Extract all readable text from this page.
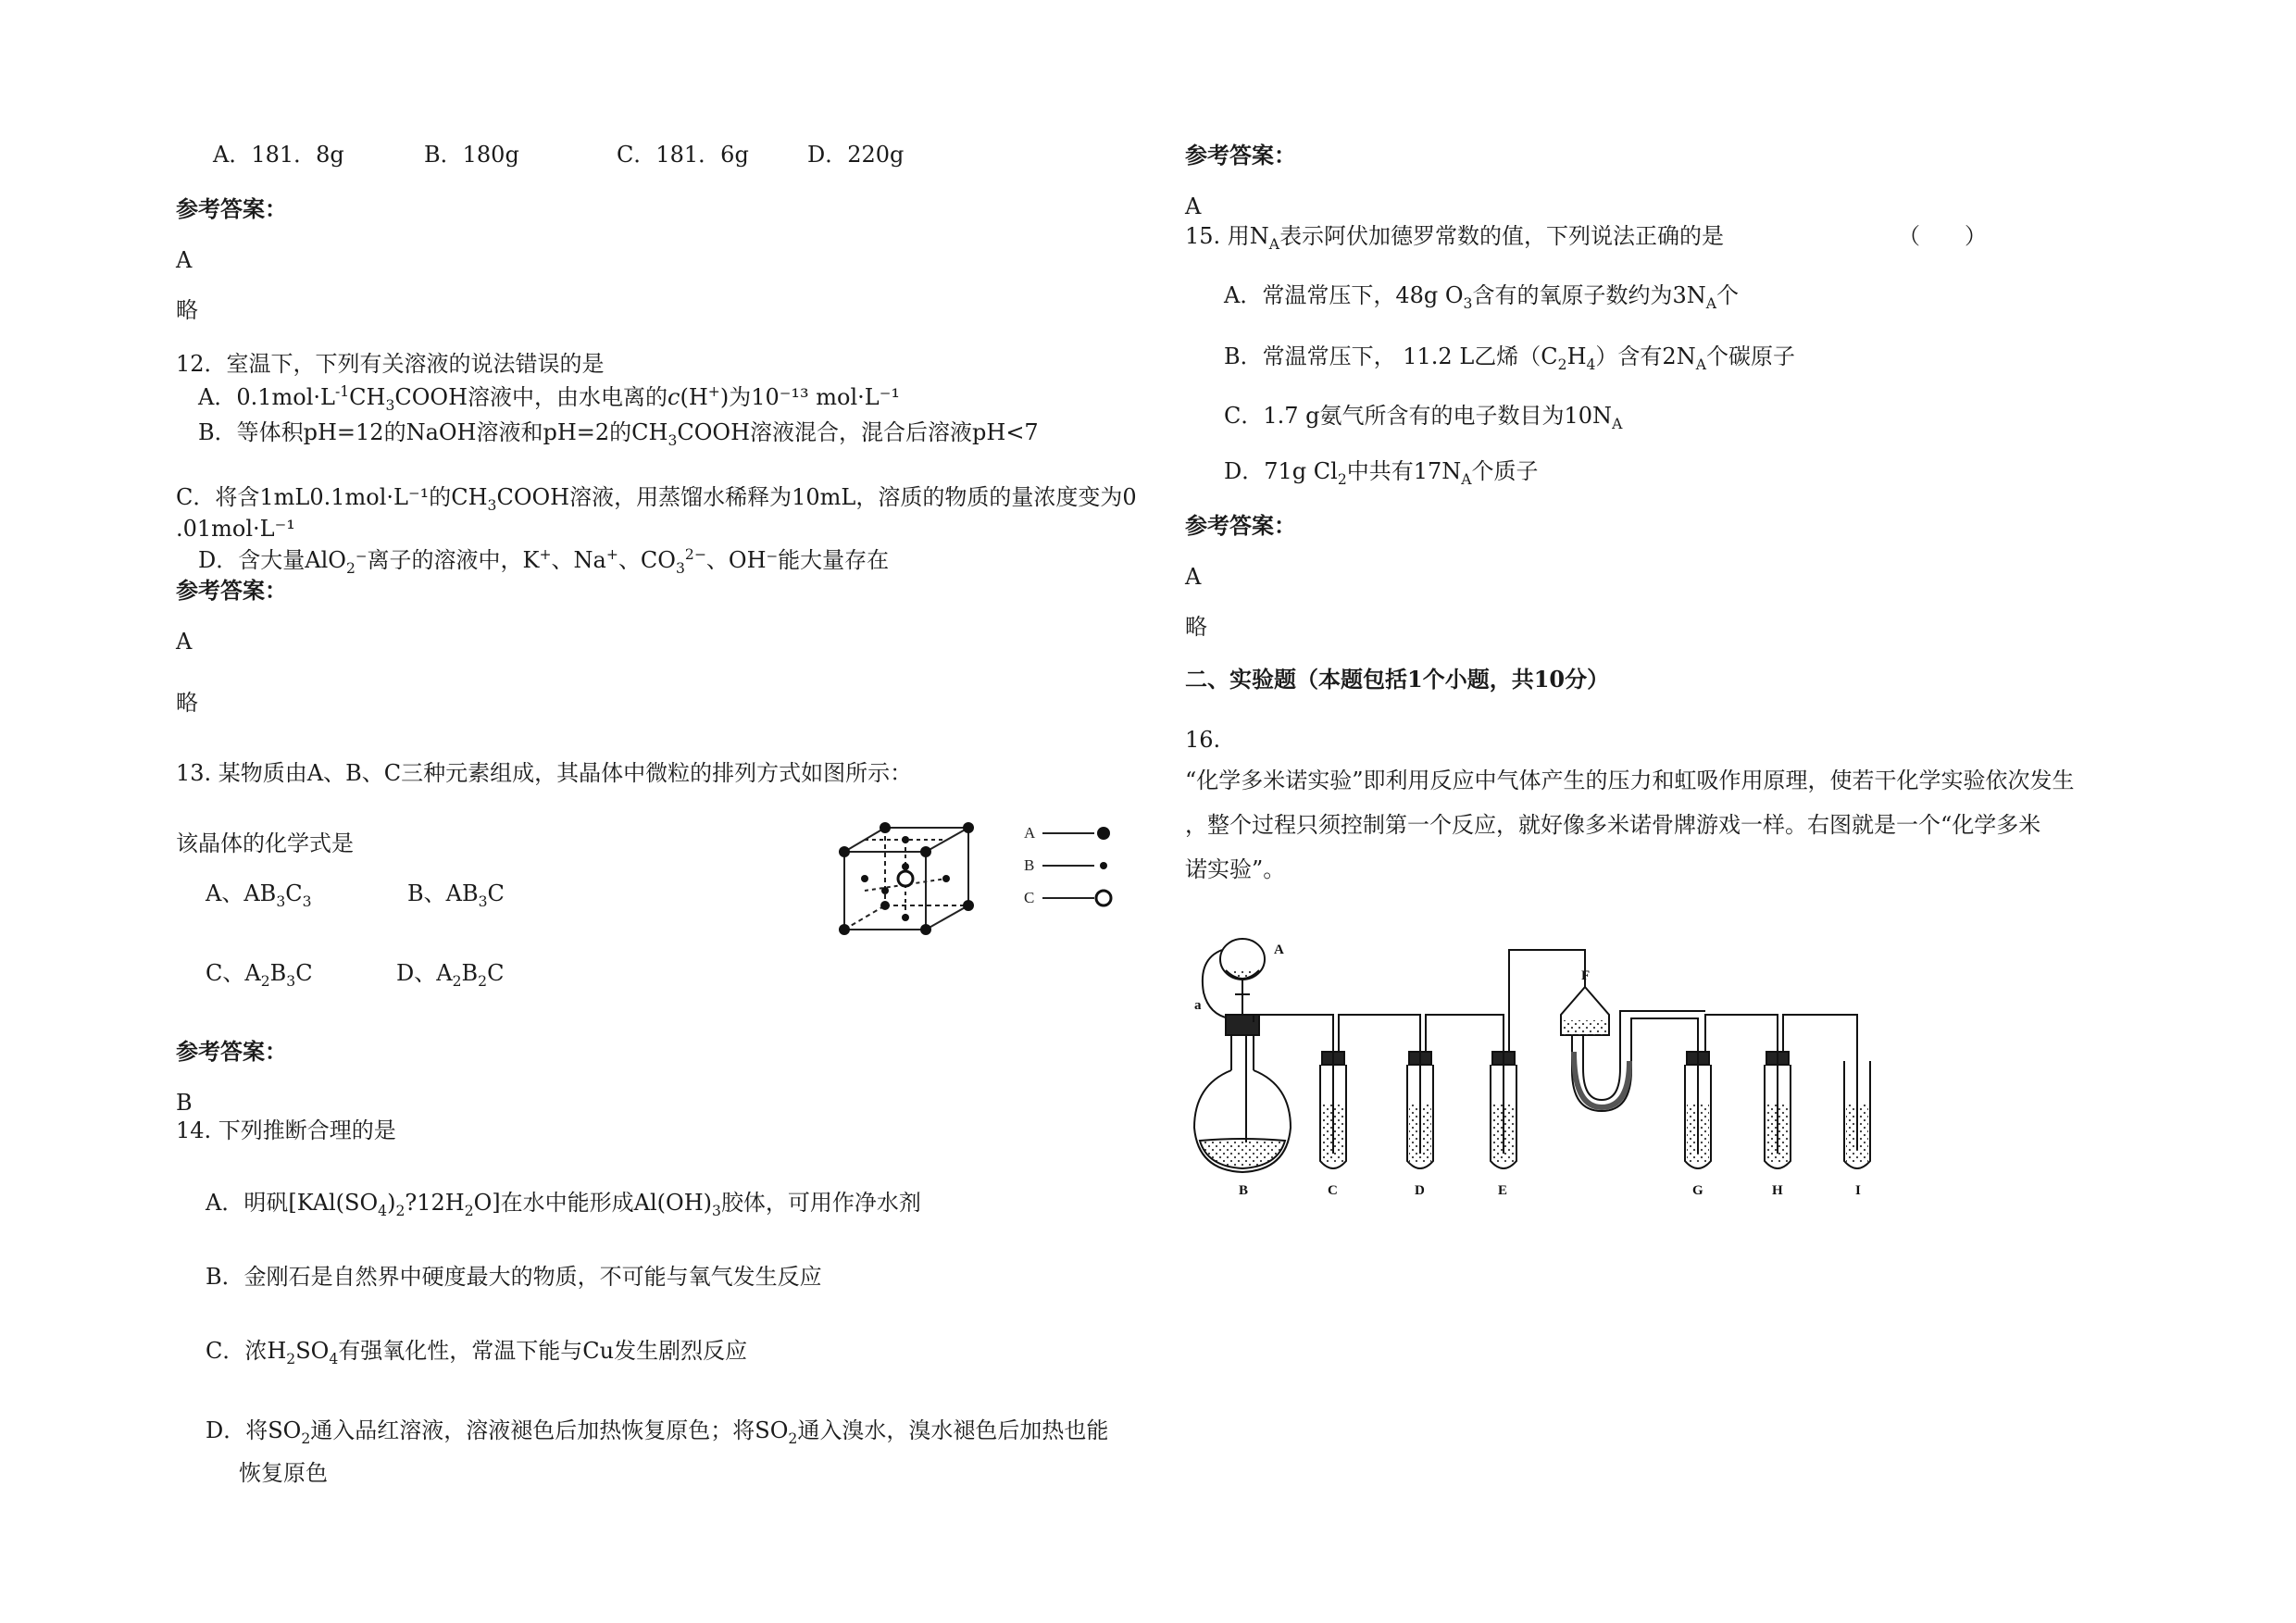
A．181．8g	B．180g	C．181．6g	D．220g
参考答案：
A
略
12．室温下，下列有关溶液的说法错误的是
A．$0.1mol\cdot L^{-1}CH_3COOH$溶液中，由水电离的c(H+)为10⁻¹³ mol·L⁻¹
B．等体积pH=12的NaOH溶液和pH=2的$CH_3COOH$溶液混合，混合后溶液pH<7
C．将含1mL0.1mol·L⁻¹的$CH_3COOH$溶液，用蒸馏水稀释为10mL，溶质的物质的量浓度变为0
.01mol·L⁻¹
D．含大量AlO$_2$⁻离子的溶液中，K+、Na+、$CO_3^{2-}$、OH⁻能大量存在
参考答案：
A
略
13. 某物质由A、B、C三种元素组成，其晶体中微粒的排列方式如图所示：
该晶体的化学式是
A、$AB_3C_3$	B、$AB_3C$
C、$A_2B_3C$	D、$A_2B_2C$
A
B
C
参考答案：
B
14. 下列推断合理的是
A．明矾$[KAl(SO_4)_2?12H_2O]$在水中能形成$Al(OH)_3$胶体，可用作净水剂
B．金刚石是自然界中硬度最大的物质，不可能与氧气发生反应
C．浓$H_2SO_4$有强氧化性，常温下能与Cu发生剧烈反应
D．将$SO_2$通入品红溶液，溶液褪色后加热恢复原色；将$SO_2$通入溴水，溴水褪色后加热也能
恢复原色
参考答案：
A
15. 用$N_A$表示阿伏加德罗常数的值，下列说法正确的是	（　　）
A．常温常压下，48g $O_3$含有的氧原子数约为$3N_A$个
B．常温常压下， 11.2 L乙烯$(C_2H_4)$含有$2N_A$个碳原子
C．1.7 g氨气所含有的电子数目为$10N_A$
D．71g $Cl_2$中共有$17N_A$个质子
参考答案：
A
略
二、实验题（本题包括1个小题，共10分）
16.
“化学多米诺实验”即利用反应中气体产生的压力和虹吸作用原理，使若干化学实验依次发生
，整个过程只须控制第一个反应，就好像多米诺骨牌游戏一样。右图就是一个“化学多米
诺实验”。
A
a
F
B	C	D	E	G	H	I
